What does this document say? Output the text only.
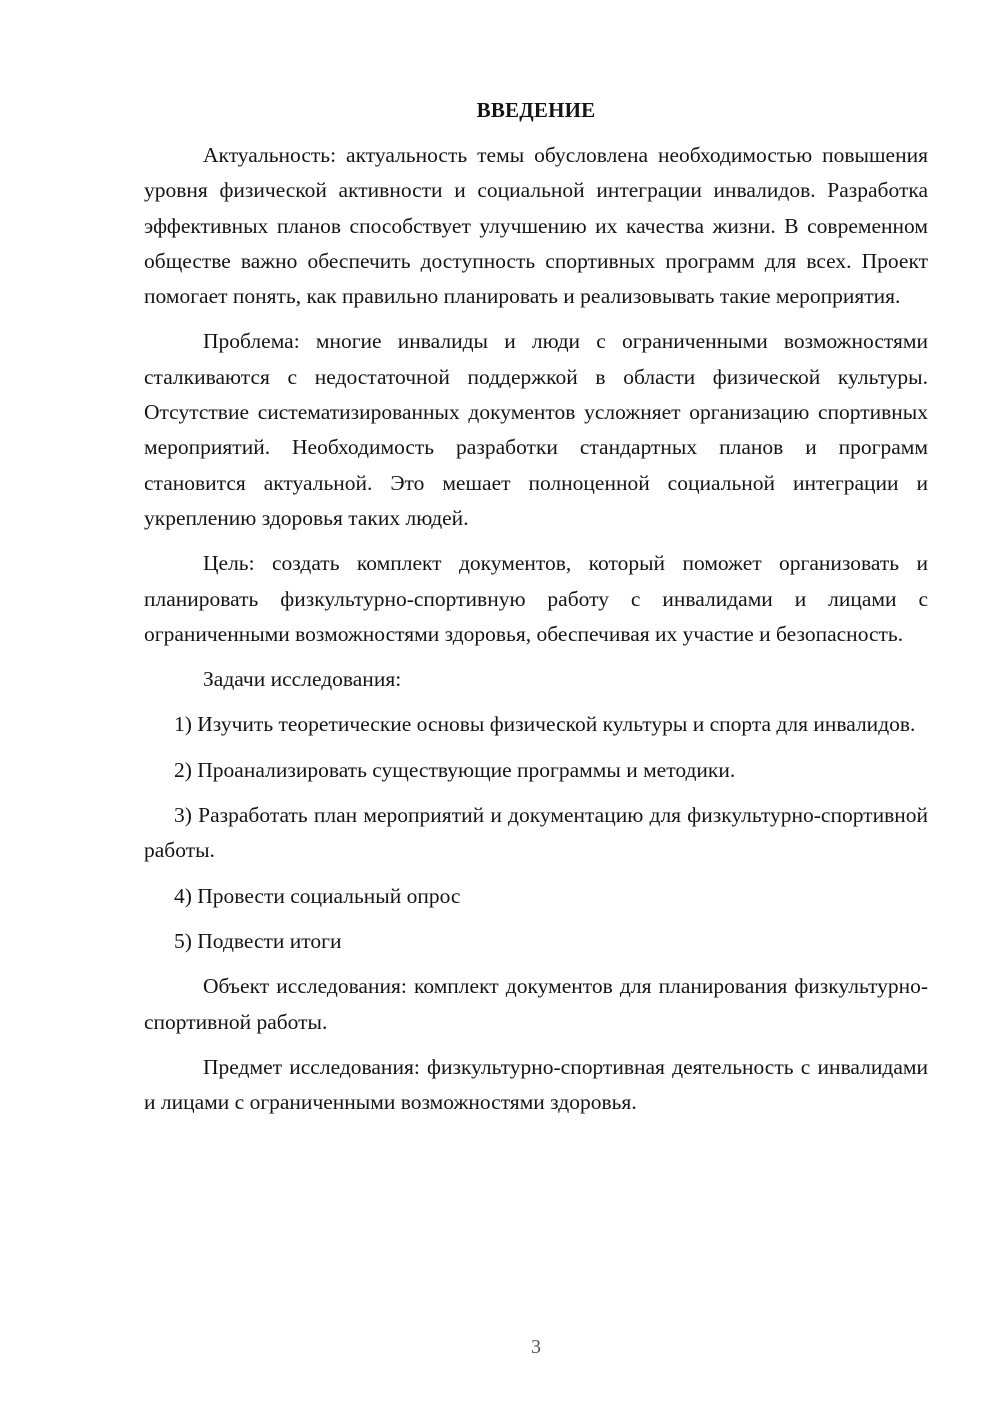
ВВЕДЕНИЕ

Актуальность: актуальность темы обусловлена необходимостью повышения уровня физической активности и социальной интеграции инвалидов. Разработка эффективных планов способствует улучшению их качества жизни. В современном обществе важно обеспечить доступность спортивных программ для всех. Проект помогает понять, как правильно планировать и реализовывать такие мероприятия.

Проблема: многие инвалиды и люди с ограниченными возможностями сталкиваются с недостаточной поддержкой в области физической культуры. Отсутствие систематизированных документов усложняет организацию спортивных мероприятий. Необходимость разработки стандартных планов и программ становится актуальной. Это мешает полноценной социальной интеграции и укреплению здоровья таких людей.

Цель: создать комплект документов, который поможет организовать и планировать физкультурно-спортивную работу с инвалидами и лицами с ограниченными возможностями здоровья, обеспечивая их участие и безопасность.

Задачи исследования:

1) Изучить теоретические основы физической культуры и спорта для инвалидов.

2) Проанализировать существующие программы и методики.

3) Разработать план мероприятий и документацию для физкультурно-спортивной работы.

4) Провести социальный опрос

5) Подвести итоги

Объект исследования: комплект документов для планирования физкультурно-спортивной работы.

Предмет исследования: физкультурно-спортивная деятельность с инвалидами и лицами с ограниченными возможностями здоровья.

3
